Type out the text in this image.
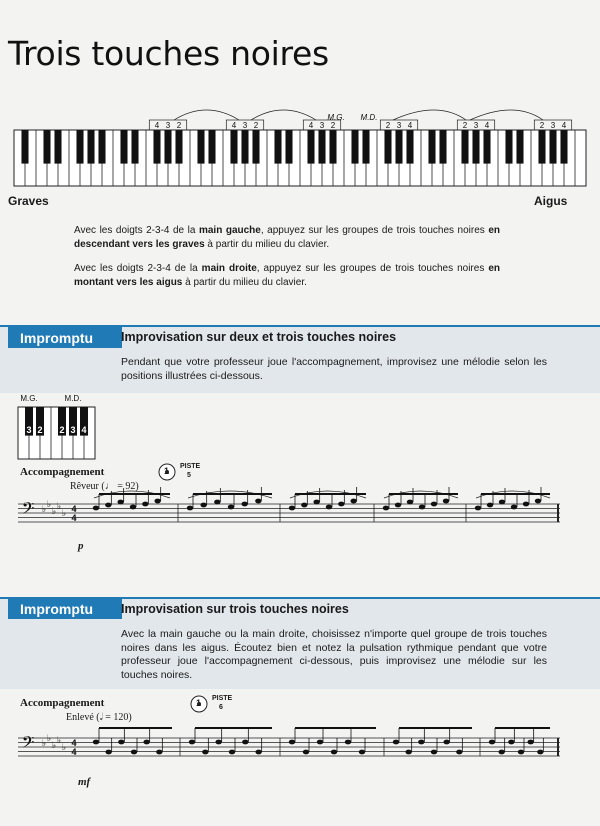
Trois touches noires
4 3 2	4 3 2	4 3 2	2 3 4	2 3 4	2 3 4
M.G. M.D.
Graves	Aigus
Avec les doigts 2-3-4 de la main gauche, appuyez sur les groupes de trois touches noires en descendant vers les graves à partir du milieu du clavier.
Avec les doigts 2-3-4 de la main droite, appuyez sur les groupes de trois touches noires en montant vers les aigus à partir du milieu du clavier.
Impromptu	Improvisation sur deux et trois touches noires
Pendant que votre professeur joue l'accompagnement, improvisez une mélodie selon les positions illustrées ci-dessous.
3 2 2 3 4
M.G.	M.D.
Accompagnement	1 PISTE
5
Rêveur (♩ = 92)
𝄢 ♭ ♭
♭ ♭
♭ 4
4
p
Impromptu	Improvisation sur trois touches noires
Avec la main gauche ou la main droite, choisissez n'importe quel groupe de trois touches noires dans les aigus. Écoutez bien et notez la pulsation rythmique pendant que votre professeur joue l'accompagnement ci-dessous, puis improvisez une mélodie sur les touches noires.
Accompagnement	1 PISTE
6
Enlevé (𝅗𝅥 = 120)
𝄢 ♭ ♭
♭ ♭
♭ 4
4
mf
